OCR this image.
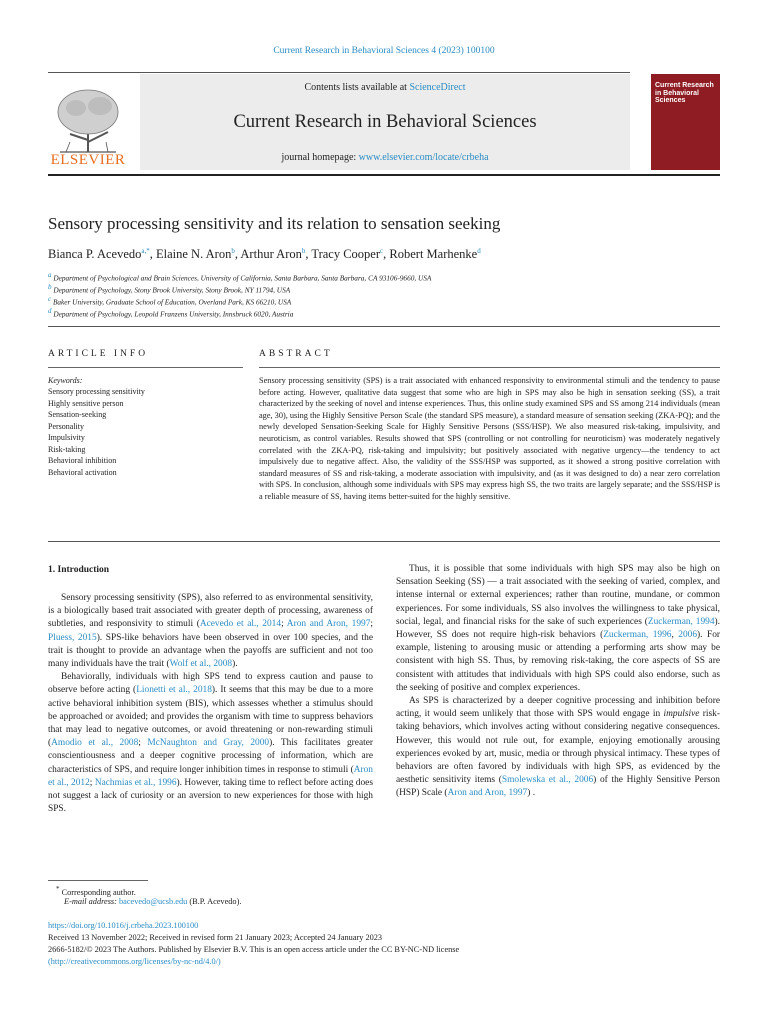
Current Research in Behavioral Sciences 4 (2023) 100100
Contents lists available at ScienceDirect
Current Research in Behavioral Sciences
journal homepage: www.elsevier.com/locate/crbeha
ELSEVIER
Current Research in Behavioral Sciences
Sensory processing sensitivity and its relation to sensation seeking
Bianca P. Acevedo$^{a,*}$, Elaine N. Aron$^b$, Arthur Aron$^b$, Tracy Cooper$^c$, Robert Marhenke$^d$
$^a$ Department of Psychological and Brain Sciences, University of California, Santa Barbara, Santa Barbara, CA 93106-9660, USA
$^b$ Department of Psychology, Stony Brook University, Stony Brook, NY 11794, USA
$^c$ Baker University, Graduate School of Education, Overland Park, KS 66210, USA
$^d$ Department of Psychology, Leopold Franzens University, Innsbruck 6020, Austria
ARTICLE INFO
Keywords:
Sensory processing sensitivity
Highly sensitive person
Sensation-seeking
Personality
Impulsivity
Risk-taking
Behavioral inhibition
Behavioral activation
ABSTRACT
Sensory processing sensitivity (SPS) is a trait associated with enhanced responsivity to environmental stimuli and the tendency to pause before acting. However, qualitative data suggest that some who are high in SPS may also be high in sensation seeking (SS), a trait characterized by the seeking of novel and intense experiences. Thus, this online study examined SPS and SS among 214 individuals (mean age, 30), using the Highly Sensitive Person Scale (the standard SPS measure), a standard measure of sensation seeking (ZKA-PQ); and the newly developed Sensation-Seeking Scale for Highly Sensitive Persons (SSS/HSP). We also measured risk-taking, impulsivity, and neuroticism, as control variables. Results showed that SPS (controlling or not controlling for neuroticism) was moderately negatively correlated with the ZKA-PQ, risk-taking and impulsivity; but positively associated with negative urgency—the tendency to act impulsively due to negative affect. Also, the validity of the SSS/HSP was supported, as it showed a strong positive correlation with standard measures of SS and risk-taking, a moderate association with impulsivity, and (as it was designed to do) a near zero correlation with SPS. In conclusion, although some individuals with SPS may express high SS, the two traits are largely separate; and the SSS/HSP is a reliable measure of SS, having items better-suited for the highly sensitive.
1. Introduction

Sensory processing sensitivity (SPS), also referred to as environmental sensitivity, is a biologically based trait associated with greater depth of processing, awareness of subtleties, and responsivity to stimuli (Acevedo et al., 2014; Aron and Aron, 1997; Pluess, 2015). SPS-like behaviors have been observed in over 100 species, and the trait is thought to provide an advantage when the payoffs are sufficient and not too many individuals have the trait (Wolf et al., 2008).

Behaviorally, individuals with high SPS tend to express caution and pause to observe before acting (Lionetti et al., 2018). It seems that this may be due to a more active behavioral inhibition system (BIS), which assesses whether a stimulus should be approached or avoided; and provides the organism with time to suppress behaviors that may lead to negative outcomes, or avoid threatening or non-rewarding stimuli (Amodio et al., 2008; McNaughton and Gray, 2000). This facilitates greater conscientiousness and a deeper cognitive processing of information, which are characteristics of SPS, and require longer inhibition times in response to stimuli (Aron et al., 2012; Nachmias et al., 1996). However, taking time to reflect before acting does not suggest a lack of curiosity or an aversion to new experiences for those with high SPS.

Thus, it is possible that some individuals with high SPS may also be high on Sensation Seeking (SS) — a trait associated with the seeking of varied, complex, and intense internal or external experiences; rather than routine, mundane, or common experiences. For some individuals, SS also involves the willingness to take physical, social, legal, and financial risks for the sake of such experiences (Zuckerman, 1994). However, SS does not require high-risk behaviors (Zuckerman, 1996, 2006). For example, listening to arousing music or attending a performing arts show may be consistent with high SS. Thus, by removing risk-taking, the core aspects of SS are consistent with attitudes that individuals with high SPS could also endorse, such as the seeking of positive and complex experiences.

As SPS is characterized by a deeper cognitive processing and inhibition before acting, it would seem unlikely that those with SPS would engage in impulsive risk-taking behaviors, which involves acting without considering negative consequences. However, this would not rule out, for example, enjoying emotionally arousing experiences evoked by art, music, media or through physical intimacy. These types of behaviors are often favored by individuals with high SPS, as evidenced by the aesthetic sensitivity items (Smolewska et al., 2006) of the Highly Sensitive Person (HSP) Scale (Aron and Aron, 1997) .

* Corresponding author.
E-mail address: bacevedo@ucsb.edu (B.P. Acevedo).
https://doi.org/10.1016/j.crbeha.2023.100100
Received 13 November 2022; Received in revised form 21 January 2023; Accepted 24 January 2023
2666-5182/© 2023 The Authors. Published by Elsevier B.V. This is an open access article under the CC BY-NC-ND license
(http://creativecommons.org/licenses/by-nc-nd/4.0/)
